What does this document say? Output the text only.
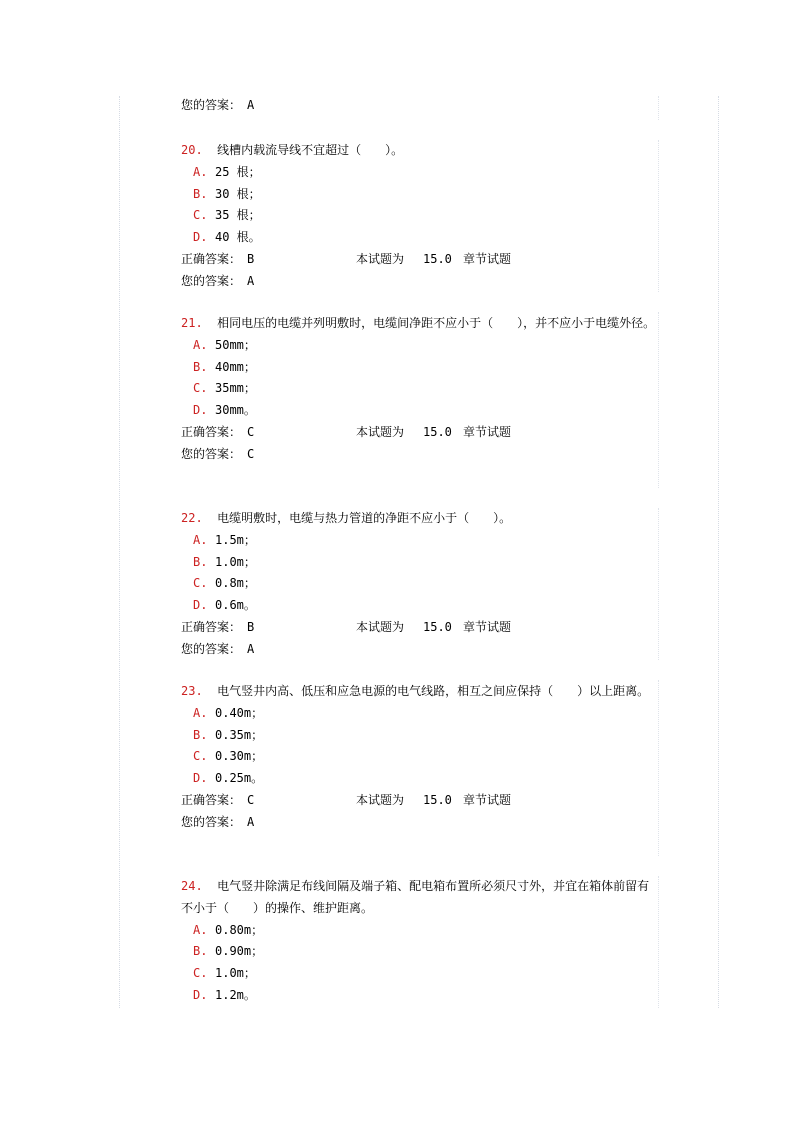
您的答案： A
20. 线槽内载流导线不宜超过（　　）。
A. 25 根；
B. 30 根；
C. 35 根；
D. 40 根。
正确答案： B	本试题为 15.0 章节试题
您的答案： A
21. 相同电压的电缆并列明敷时，电缆间净距不应小于（　　），并不应小于电缆外径。
A. 50mm；
B. 40mm；
C. 35mm；
D. 30mm。
正确答案： C	本试题为 15.0 章节试题
您的答案： C
22. 电缆明敷时，电缆与热力管道的净距不应小于（　　）。
A. 1.5m；
B. 1.0m；
C. 0.8m；
D. 0.6m。
正确答案： B	本试题为 15.0 章节试题
您的答案： A
23. 电气竖井内高、低压和应急电源的电气线路，相互之间应保持（　　）以上距离。
A. 0.40m；
B. 0.35m；
C. 0.30m；
D. 0.25m。
正确答案： C	本试题为 15.0 章节试题
您的答案： A
24. 电气竖井除满足布线间隔及端子箱、配电箱布置所必须尺寸外，并宜在箱体前留有不小于（　　）的操作、维护距离。
A. 0.80m；
B. 0.90m；
C. 1.0m；
D. 1.2m。
